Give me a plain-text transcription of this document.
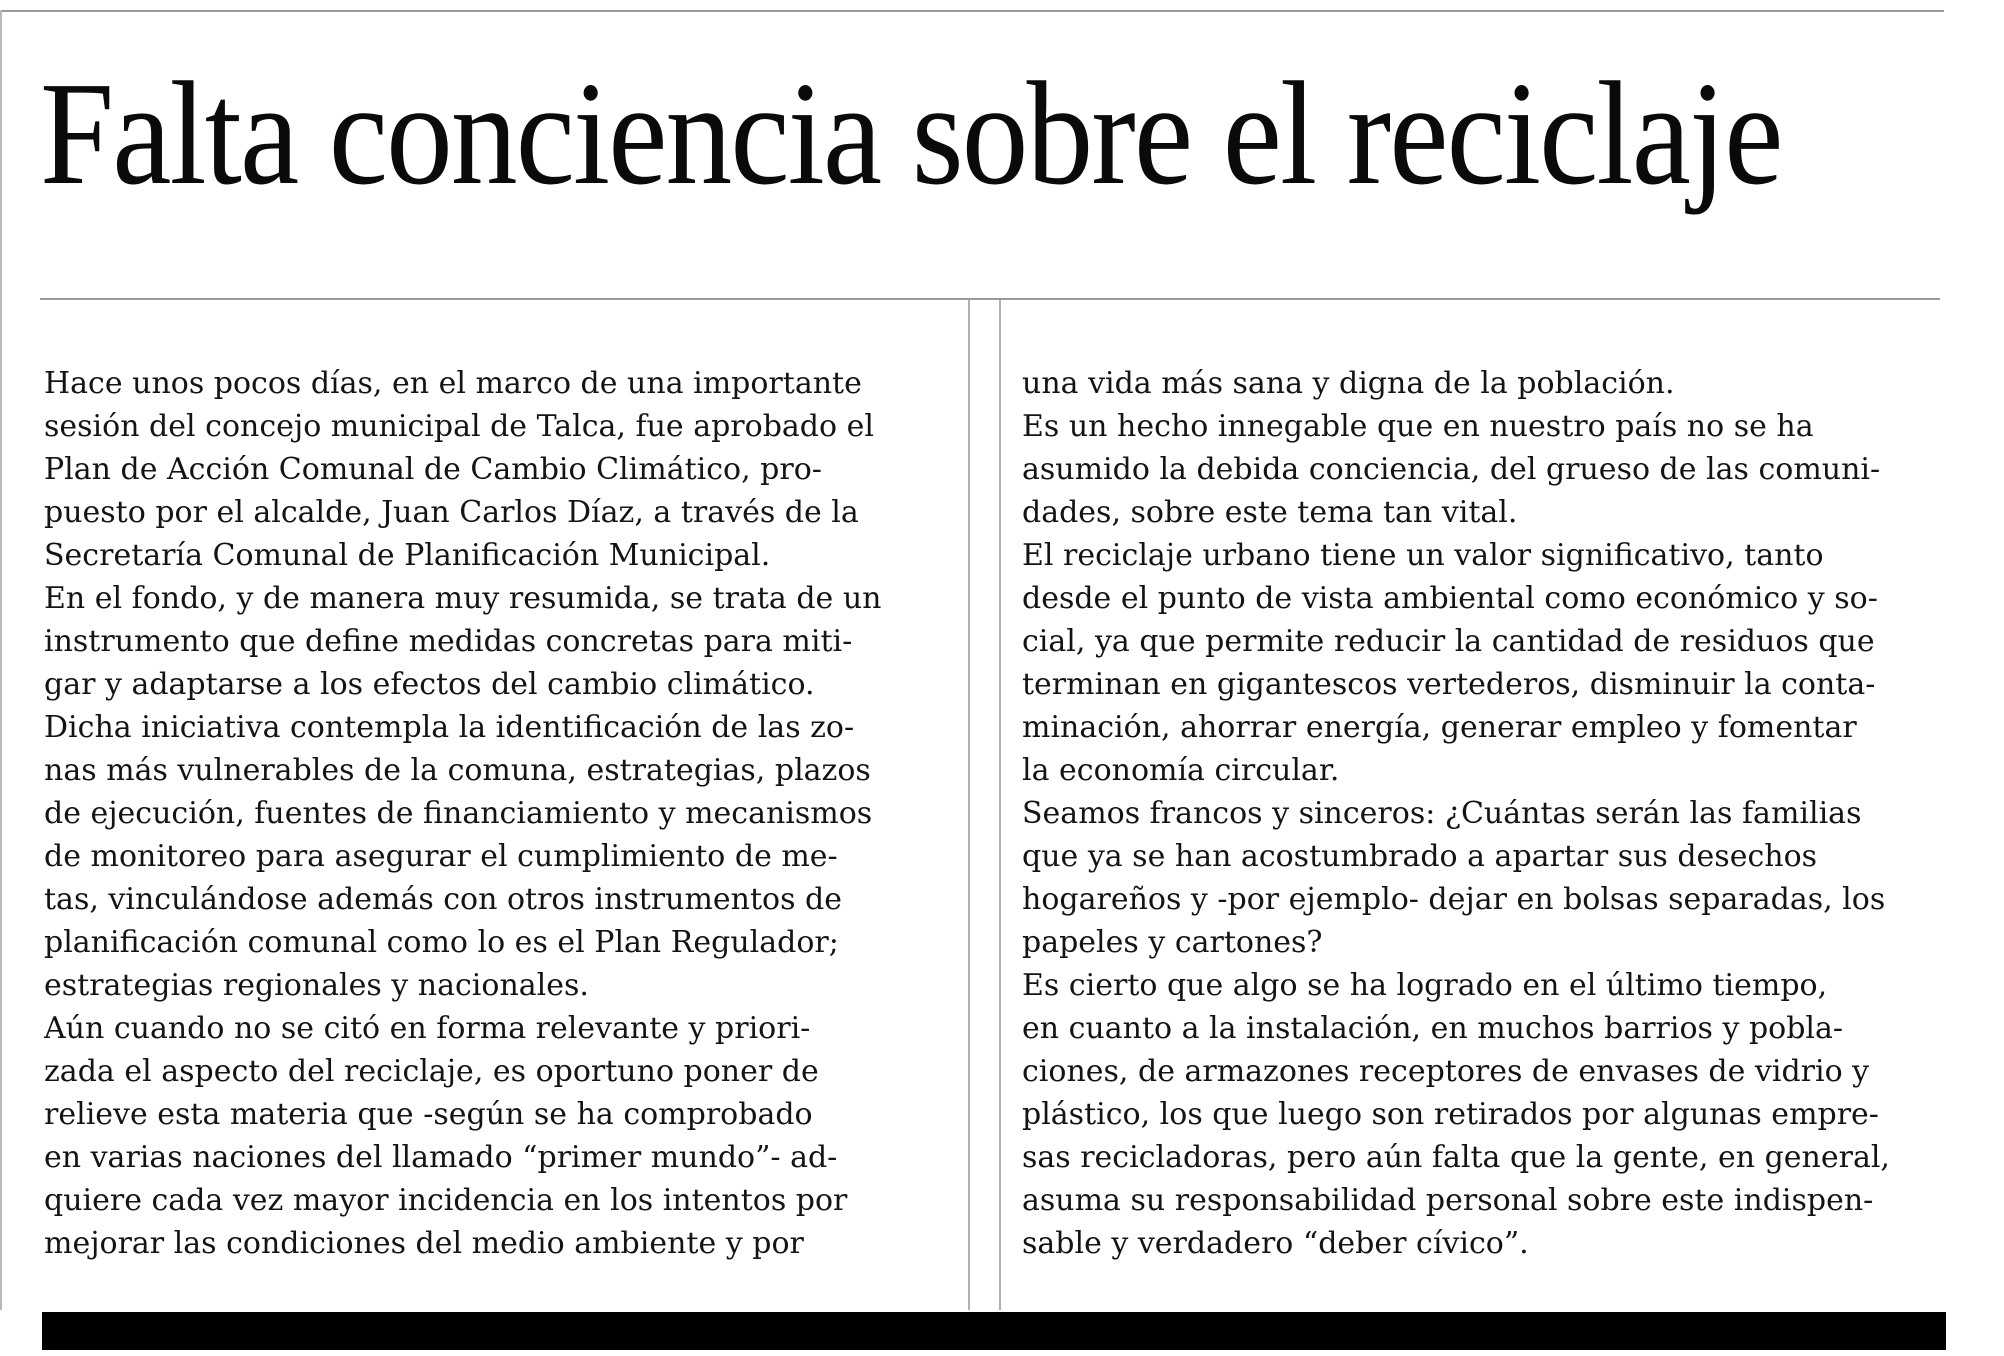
Falta conciencia sobre el reciclaje

Hace unos pocos días, en el marco de una importante

sesión del concejo municipal de Talca, fue aprobado el

Plan de Acción Comunal de Cambio Climático, pro-

puesto por el alcalde, Juan Carlos Díaz, a través de la

Secretaría Comunal de Planificación Municipal.

En el fondo, y de manera muy resumida, se trata de un

instrumento que define medidas concretas para miti-

gar y adaptarse a los efectos del cambio climático.

Dicha iniciativa contempla la identificación de las zo-

nas más vulnerables de la comuna, estrategias, plazos

de ejecución, fuentes de financiamiento y mecanismos

de monitoreo para asegurar el cumplimiento de me-

tas, vinculándose además con otros instrumentos de

planificación comunal como lo es el Plan Regulador;

estrategias regionales y nacionales.

Aún cuando no se citó en forma relevante y priori-

zada el aspecto del reciclaje, es oportuno poner de

relieve esta materia que -según se ha comprobado

en varias naciones del llamado “primer mundo”- ad-

quiere cada vez mayor incidencia en los intentos por

mejorar las condiciones del medio ambiente y por

una vida más sana y digna de la población.

Es un hecho innegable que en nuestro país no se ha

asumido la debida conciencia, del grueso de las comuni-

dades, sobre este tema tan vital.

El reciclaje urbano tiene un valor significativo, tanto

desde el punto de vista ambiental como económico y so-

cial, ya que permite reducir la cantidad de residuos que

terminan en gigantescos vertederos, disminuir la conta-

minación, ahorrar energía, generar empleo y fomentar

la economía circular.

Seamos francos y sinceros: ¿Cuántas serán las familias

que ya se han acostumbrado a apartar sus desechos

hogareños y -por ejemplo- dejar en bolsas separadas, los

papeles y cartones?

Es cierto que algo se ha logrado en el último tiempo,

en cuanto a la instalación, en muchos barrios y pobla-

ciones, de armazones receptores de envases de vidrio y

plástico, los que luego son retirados por algunas empre-

sas recicladoras, pero aún falta que la gente, en general,

asuma su responsabilidad personal sobre este indispen-

sable y verdadero “deber cívico”.
